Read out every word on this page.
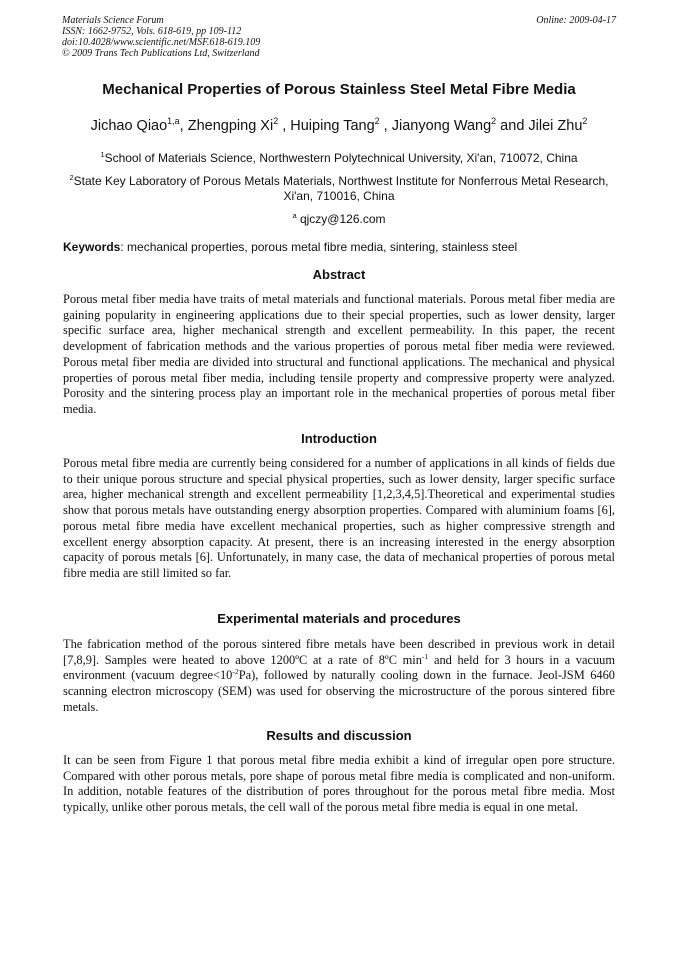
Materials Science Forum
ISSN: 1662-9752, Vols. 618-619, pp 109-112
doi:10.4028/www.scientific.net/MSF.618-619.109
© 2009 Trans Tech Publications Ltd, Switzerland
Online: 2009-04-17
Mechanical Properties of Porous Stainless Steel Metal Fibre Media
Jichao Qiao$^{1,a}$, Zhengping Xi$^2$ , Huiping Tang$^2$ , Jianyong Wang$^2$ and Jilei Zhu$^2$
$^1$School of Materials Science, Northwestern Polytechnical University, Xi'an, 710072, China
$^2$State Key Laboratory of Porous Metals Materials, Northwest Institute for Nonferrous Metal Research, Xi'an, 710016, China
$^a$ qjczy@126.com
Keywords: mechanical properties, porous metal fibre media, sintering, stainless steel
Abstract
Porous metal fiber media have traits of metal materials and functional materials. Porous metal fiber media are gaining popularity in engineering applications due to their special properties, such as lower density, larger specific surface area, higher mechanical strength and excellent permeability. In this paper, the recent development of fabrication methods and the various properties of porous metal fiber media were reviewed. Porous metal fiber media are divided into structural and functional applications. The mechanical and physical properties of porous metal fiber media, including tensile property and compressive property were analyzed. Porosity and the sintering process play an important role in the mechanical properties of porous metal fiber media.
Introduction
Porous metal fibre media are currently being considered for a number of applications in all kinds of fields due to their unique porous structure and special physical properties, such as lower density, larger specific surface area, higher mechanical strength and excellent permeability [1,2,3,4,5].Theoretical and experimental studies show that porous metals have outstanding energy absorption properties. Compared with aluminium foams [6], porous metal fibre media have excellent mechanical properties, such as higher compressive strength and excellent energy absorption capacity. At present, there is an increasing interested in the energy absorption capacity of porous metals [6]. Unfortunately, in many case, the data of mechanical properties of porous metal fibre media are still limited so far.
Experimental materials and procedures
The fabrication method of the porous sintered fibre metals have been described in previous work in detail [7,8,9]. Samples were heated to above 1200ºC at a rate of 8ºC $\min^{-1}$ and held for 3 hours in a vacuum environment (vacuum $degree<10^{-2}Pa$), followed by naturally cooling down in the furnace. Jeol-JSM 6460 scanning electron microscopy (SEM) was used for observing the microstructure of the porous sintered fibre metals.
Results and discussion
It can be seen from Figure 1 that porous metal fibre media exhibit a kind of irregular open pore structure. Compared with other porous metals, pore shape of porous metal fibre media is complicated and non-uniform. In addition, notable features of the distribution of pores throughout for the porous metal fibre media. Most typically, unlike other porous metals, the cell wall of the porous metal fibre media is equal in one metal.
